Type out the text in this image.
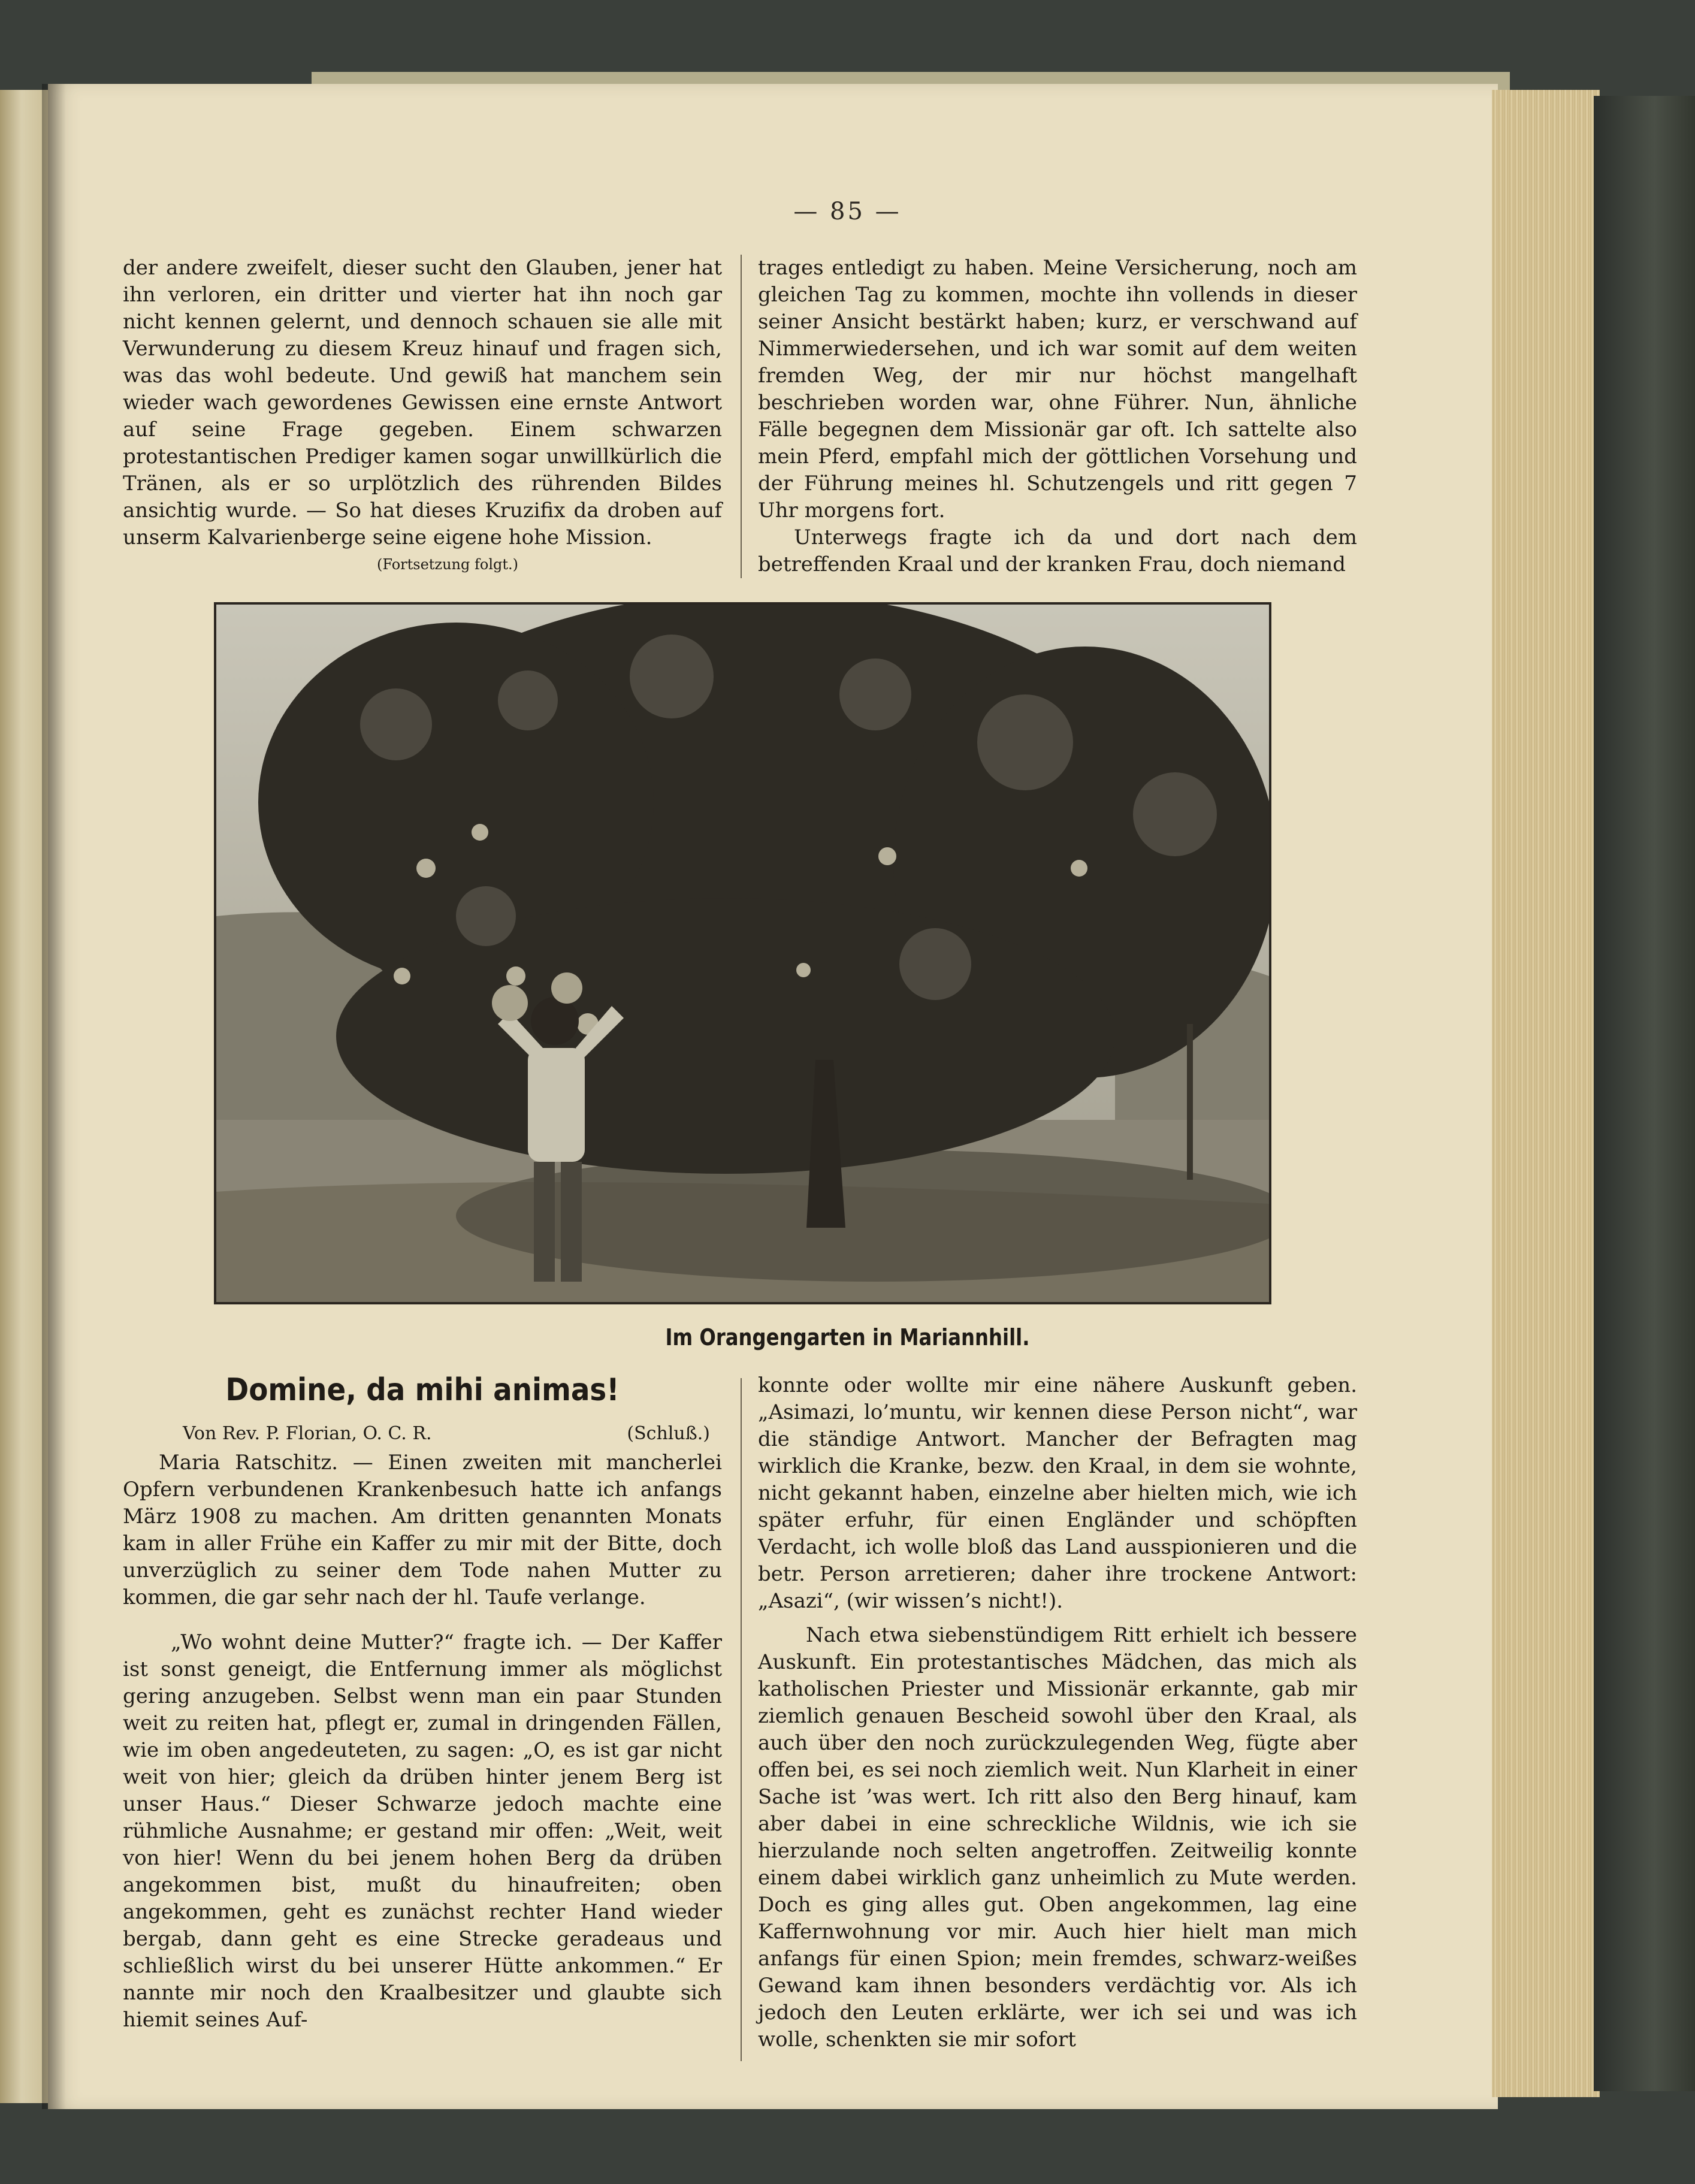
— 85 —

der andere zweifelt, dieser sucht den Glauben, jener hat ihn verloren, ein dritter und vierter hat ihn noch gar nicht kennen gelernt, und dennoch schauen sie alle mit Verwunderung zu diesem Kreuz hinauf und fragen sich, was das wohl bedeute. Und gewiß hat manchem sein wieder wach gewordenes Gewissen eine ernste Antwort auf seine Frage gegeben. Einem schwarzen protestantischen Prediger kamen sogar unwillkürlich die Tränen, als er so urplötzlich des rührenden Bildes ansichtig wurde. — So hat dieses Kruzifix da droben auf unserm Kalvarienberge seine eigene hohe Mission.

(Fortsetzung folgt.)

trages entledigt zu haben. Meine Versicherung, noch am gleichen Tag zu kommen, mochte ihn vollends in dieser seiner Ansicht bestärkt haben; kurz, er verschwand auf Nimmerwiedersehen, und ich war somit auf dem weiten fremden Weg, der mir nur höchst mangelhaft beschrieben worden war, ohne Führer. Nun, ähnliche Fälle begegnen dem Missionär gar oft. Ich sattelte also mein Pferd, empfahl mich der göttlichen Vorsehung und der Führung meines hl. Schutzengels und ritt gegen 7 Uhr morgens fort.

Unterwegs fragte ich da und dort nach dem betreffenden Kraal und der kranken Frau, doch niemand

Im Orangengarten in Mariannhill.
Domine, da mihi animas!
Von Rev. P. Florian, O. C. R.	(Schluß.)

Maria Ratschitz. — Einen zweiten mit mancherlei Opfern verbundenen Krankenbesuch hatte ich anfangs März 1908 zu machen. Am dritten genannten Monats kam in aller Frühe ein Kaffer zu mir mit der Bitte, doch unverzüglich zu seiner dem Tode nahen Mutter zu kommen, die gar sehr nach der hl. Taufe verlange.

„Wo wohnt deine Mutter?“ fragte ich. — Der Kaffer ist sonst geneigt, die Entfernung immer als möglichst gering anzugeben. Selbst wenn man ein paar Stunden weit zu reiten hat, pflegt er, zumal in dringenden Fällen, wie im oben angedeuteten, zu sagen: „O, es ist gar nicht weit von hier; gleich da drüben hinter jenem Berg ist unser Haus.“ Dieser Schwarze jedoch machte eine rühmliche Ausnahme; er gestand mir offen: „Weit, weit von hier! Wenn du bei jenem hohen Berg da drüben angekommen bist, mußt du hinaufreiten; oben angekommen, geht es zunächst rechter Hand wieder bergab, dann geht es eine Strecke geradeaus und schließlich wirst du bei unserer Hütte ankommen.“ Er nannte mir noch den Kraalbesitzer und glaubte sich hiemit seines Auf-

konnte oder wollte mir eine nähere Auskunft geben. „Asimazi, lo’muntu, wir kennen diese Person nicht“, war die ständige Antwort. Mancher der Befragten mag wirklich die Kranke, bezw. den Kraal, in dem sie wohnte, nicht gekannt haben, einzelne aber hielten mich, wie ich später erfuhr, für einen Engländer und schöpften Verdacht, ich wolle bloß das Land ausspionieren und die betr. Person arretieren; daher ihre trockene Antwort: „Asazi“, (wir wissen’s nicht!).

Nach etwa siebenstündigem Ritt erhielt ich bessere Auskunft. Ein protestantisches Mädchen, das mich als katholischen Priester und Missionär erkannte, gab mir ziemlich genauen Bescheid sowohl über den Kraal, als auch über den noch zurückzulegenden Weg, fügte aber offen bei, es sei noch ziemlich weit. Nun Klarheit in einer Sache ist ’was wert. Ich ritt also den Berg hinauf, kam aber dabei in eine schreckliche Wildnis, wie ich sie hierzulande noch selten angetroffen. Zeitweilig konnte einem dabei wirklich ganz unheimlich zu Mute werden. Doch es ging alles gut. Oben angekommen, lag eine Kaffernwohnung vor mir. Auch hier hielt man mich anfangs für einen Spion; mein fremdes, schwarz-weißes Gewand kam ihnen besonders verdächtig vor. Als ich jedoch den Leuten erklärte, wer ich sei und was ich wolle, schenkten sie mir sofort
